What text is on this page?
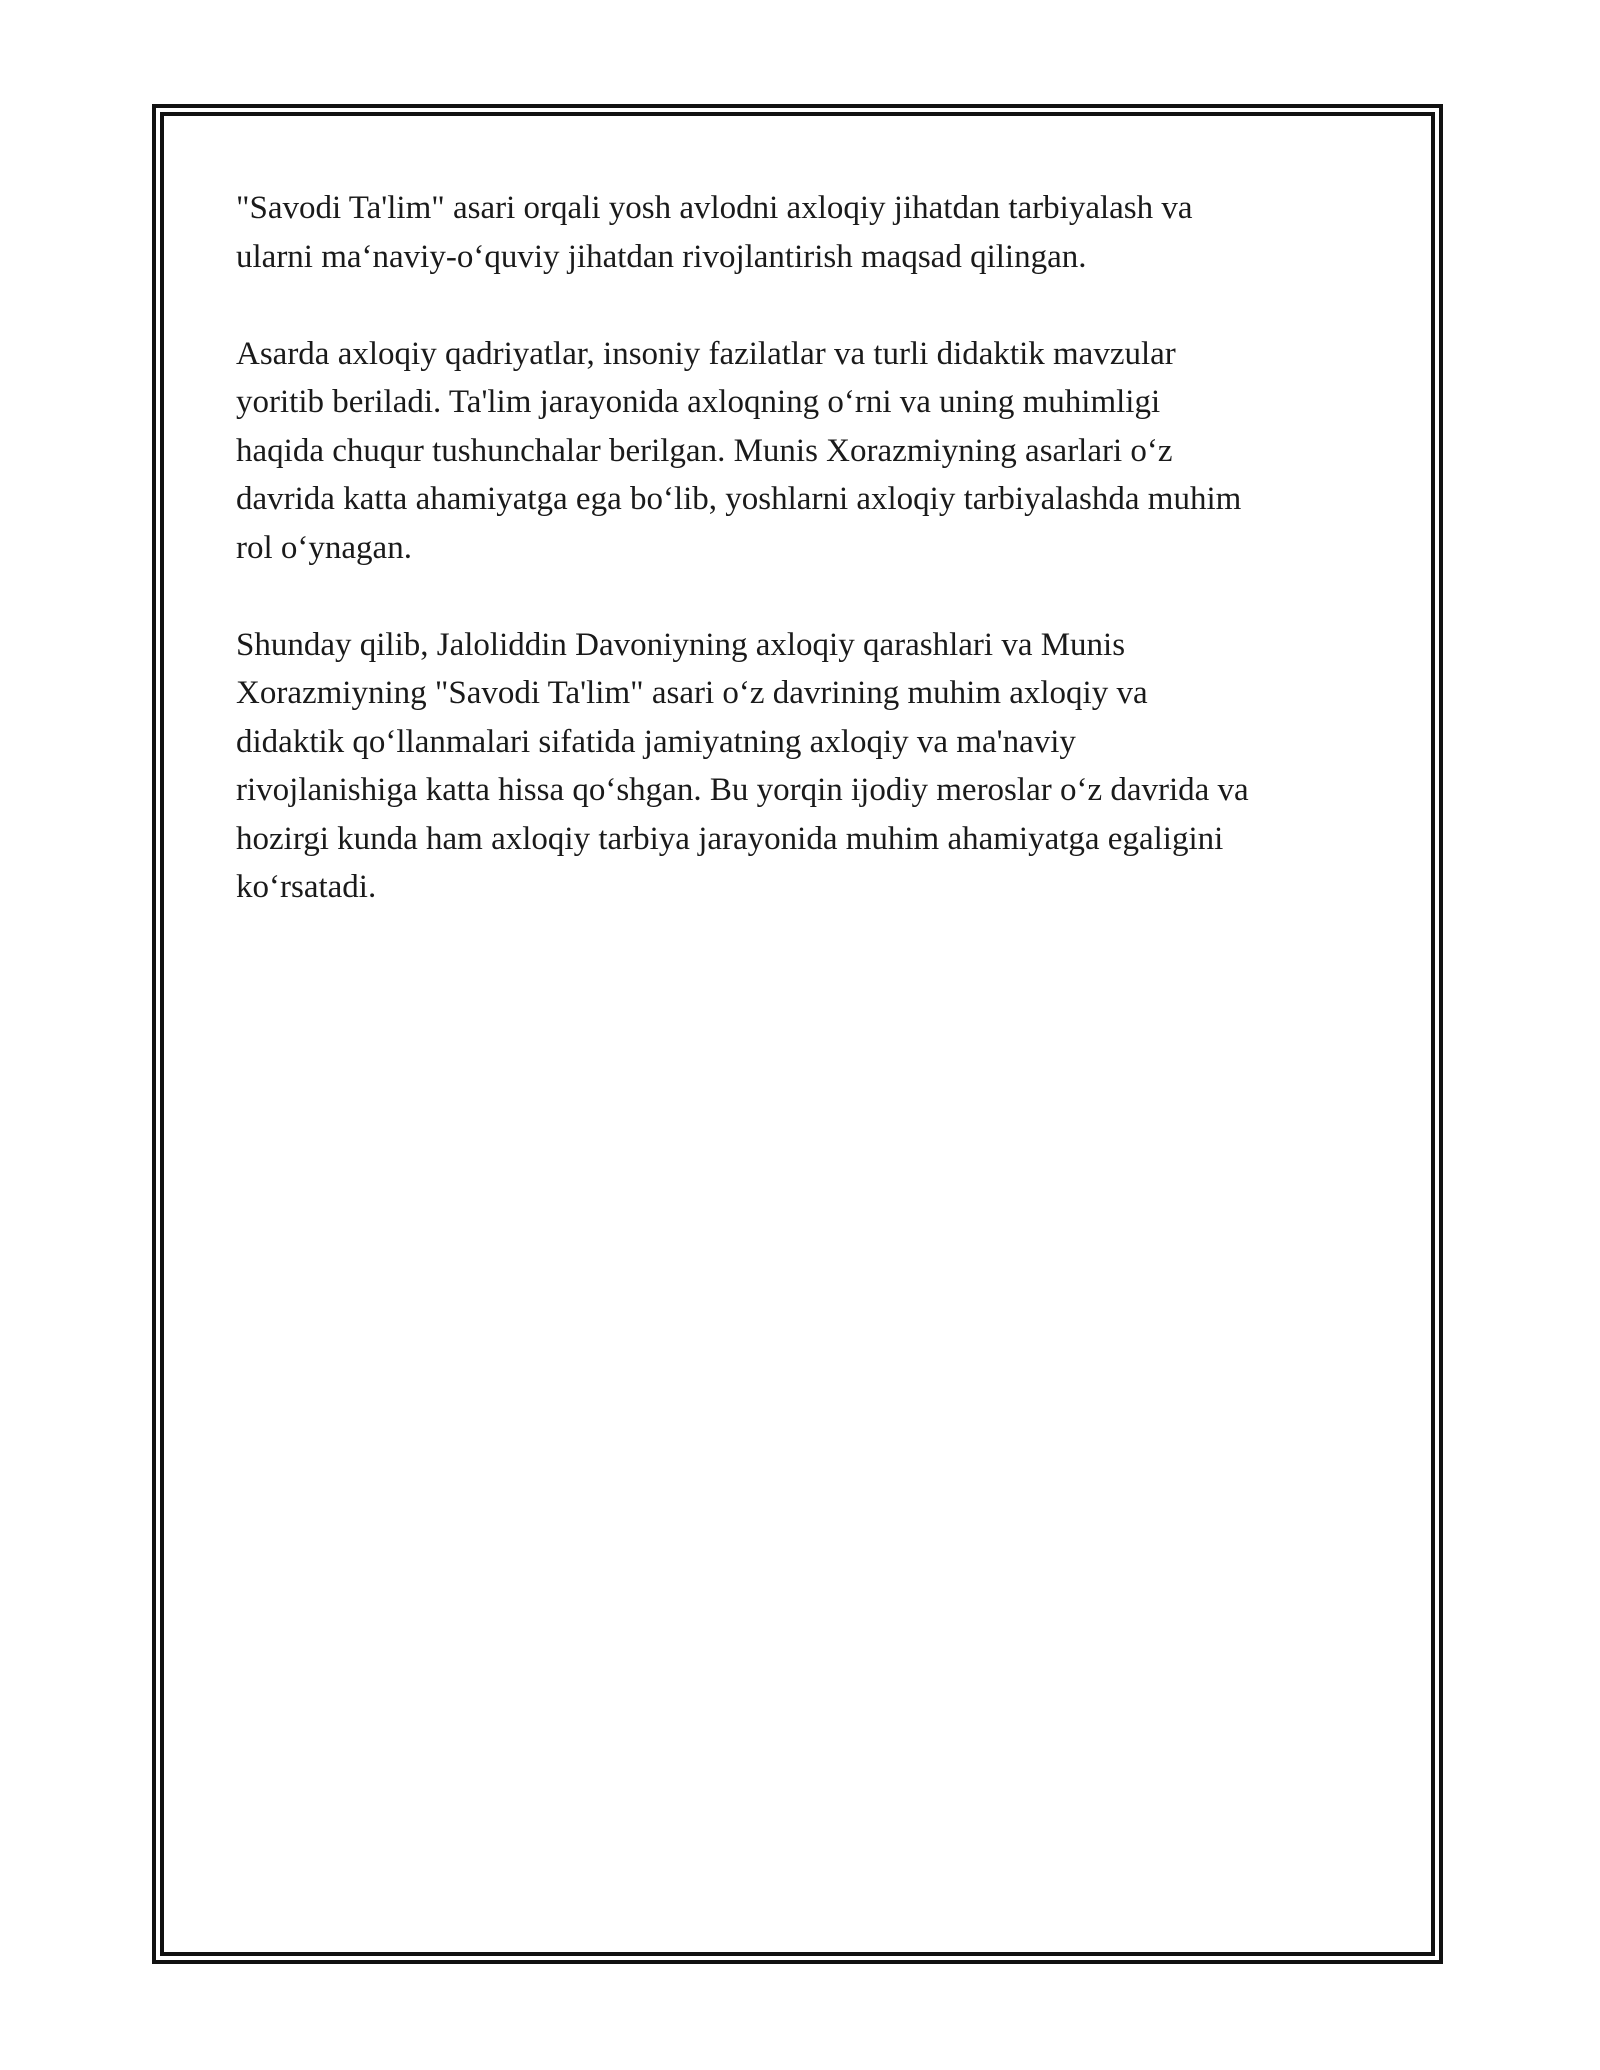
"Savodi Ta'lim" asari orqali yosh avlodni axloqiy jihatdan tarbiyalash va
ularni maʻnaviy-oʻquviy jihatdan rivojlantirish maqsad qilingan.

Asarda axloqiy qadriyatlar, insoniy fazilatlar va turli didaktik mavzular
yoritib beriladi. Ta'lim jarayonida axloqning oʻrni va uning muhimligi
haqida chuqur tushunchalar berilgan. Munis Xorazmiyning asarlari oʻz
davrida katta ahamiyatga ega boʻlib, yoshlarni axloqiy tarbiyalashda muhim
rol oʻynagan.

Shunday qilib, Jaloliddin Davoniyning axloqiy qarashlari va Munis
Xorazmiyning "Savodi Ta'lim" asari oʻz davrining muhim axloqiy va
didaktik qoʻllanmalari sifatida jamiyatning axloqiy va ma'naviy
rivojlanishiga katta hissa qoʻshgan. Bu yorqin ijodiy meroslar oʻz davrida va
hozirgi kunda ham axloqiy tarbiya jarayonida muhim ahamiyatga egaligini
koʻrsatadi.
